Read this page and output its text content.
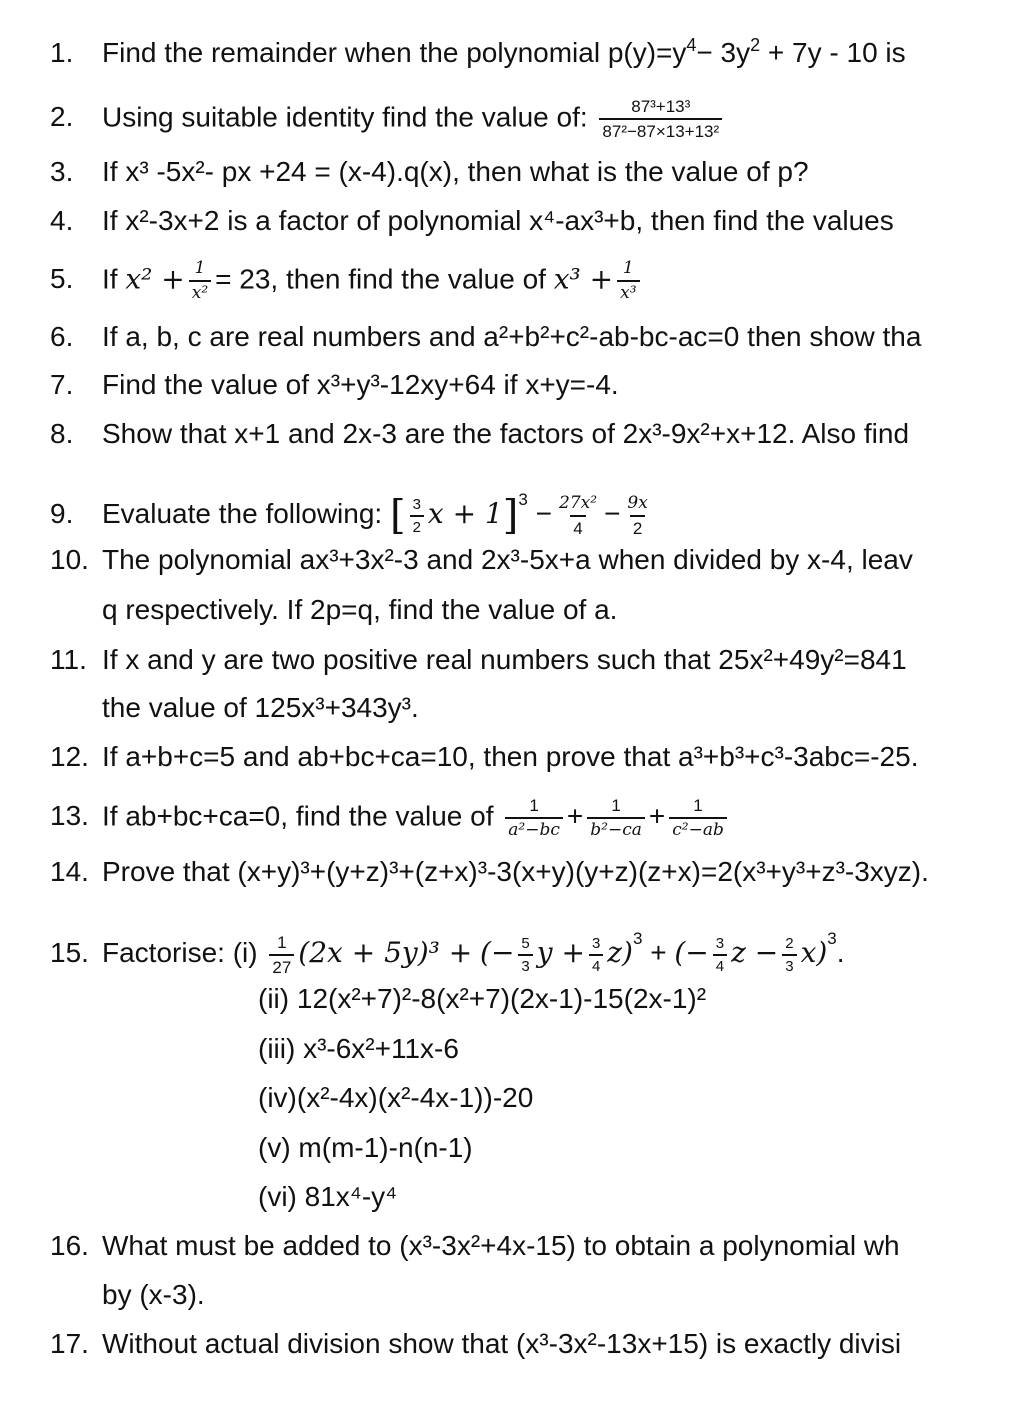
1. Find the remainder when the polynomial $p(y)=y^4- 3y^2 + 7y - 10$ is
2. Using suitable identity find the value of: $\frac{\text{87³+13³}}{\text{87²−87×13+13²}}$
3. If x³ -5x²- px +24 = (x-4).q(x), then what is the value of p?
4. If x²-3x+2 is a factor of polynomial x⁴-ax³+b, then find the values
5. If $x^2 + \frac{1}{\text{x²}} = 23$, then find the value of $x^3 + \frac{1}{\text{x³}}$
6. If a, b, c are real numbers and a²+b²+c²-ab-bc-ac=0 then show tha
7. Find the value of x³+y³-12xy+64 if x+y=-4.
8. Show that x+1 and 2x-3 are the factors of 2x³-9x²+x+12. Also find
9. Evaluate the following: [ $\frac{3}{2}$ $x + 1]^3 - \frac{\text{27x²}}{4} - \frac{9x}{2}$
10. The polynomial ax³+3x²-3 and 2x³-5x+a when divided by x-4, leav
q respectively. If 2p=q, find the value of a.
11. If x and y are two positive real numbers such that 25x²+49y²=841
the value of 125x³+343y³.
12. If a+b+c=5 and ab+bc+ca=10, then prove that a³+b³+c³-3abc=-25.
13. If ab+bc+ca=0, find the value of $\frac{1}{\text{a²−bc}} + \frac{1}{\text{b²−ca}} + \frac{1}{\text{c²−ab}}$
14. Prove that (x+y)³+(y+z)³+(z+x)³-3(x+y)(y+z)(z+x)=2(x³+y³+z³-3xyz).
15. Factorise: $(i) \frac{1}{27} (2x + 5y)^3$ + (− $\frac{5}{3}$ $y + \frac{3}{4} z)^3$ + (− $\frac{3}{4}$ $z - \frac{2}{3} x)^3$.
(ii) 12(x²+7)²-8(x²+7)(2x-1)-15(2x-1)²
(iii) x³-6x²+11x-6
(iv)(x²-4x)(x²-4x-1))-20
(v) m(m-1)-n(n-1)
(vi) 81x⁴-y⁴
16. What must be added to (x³-3x²+4x-15) to obtain a polynomial wh
by (x-3).
17. Without actual division show that (x³-3x²-13x+15) is exactly divisi
